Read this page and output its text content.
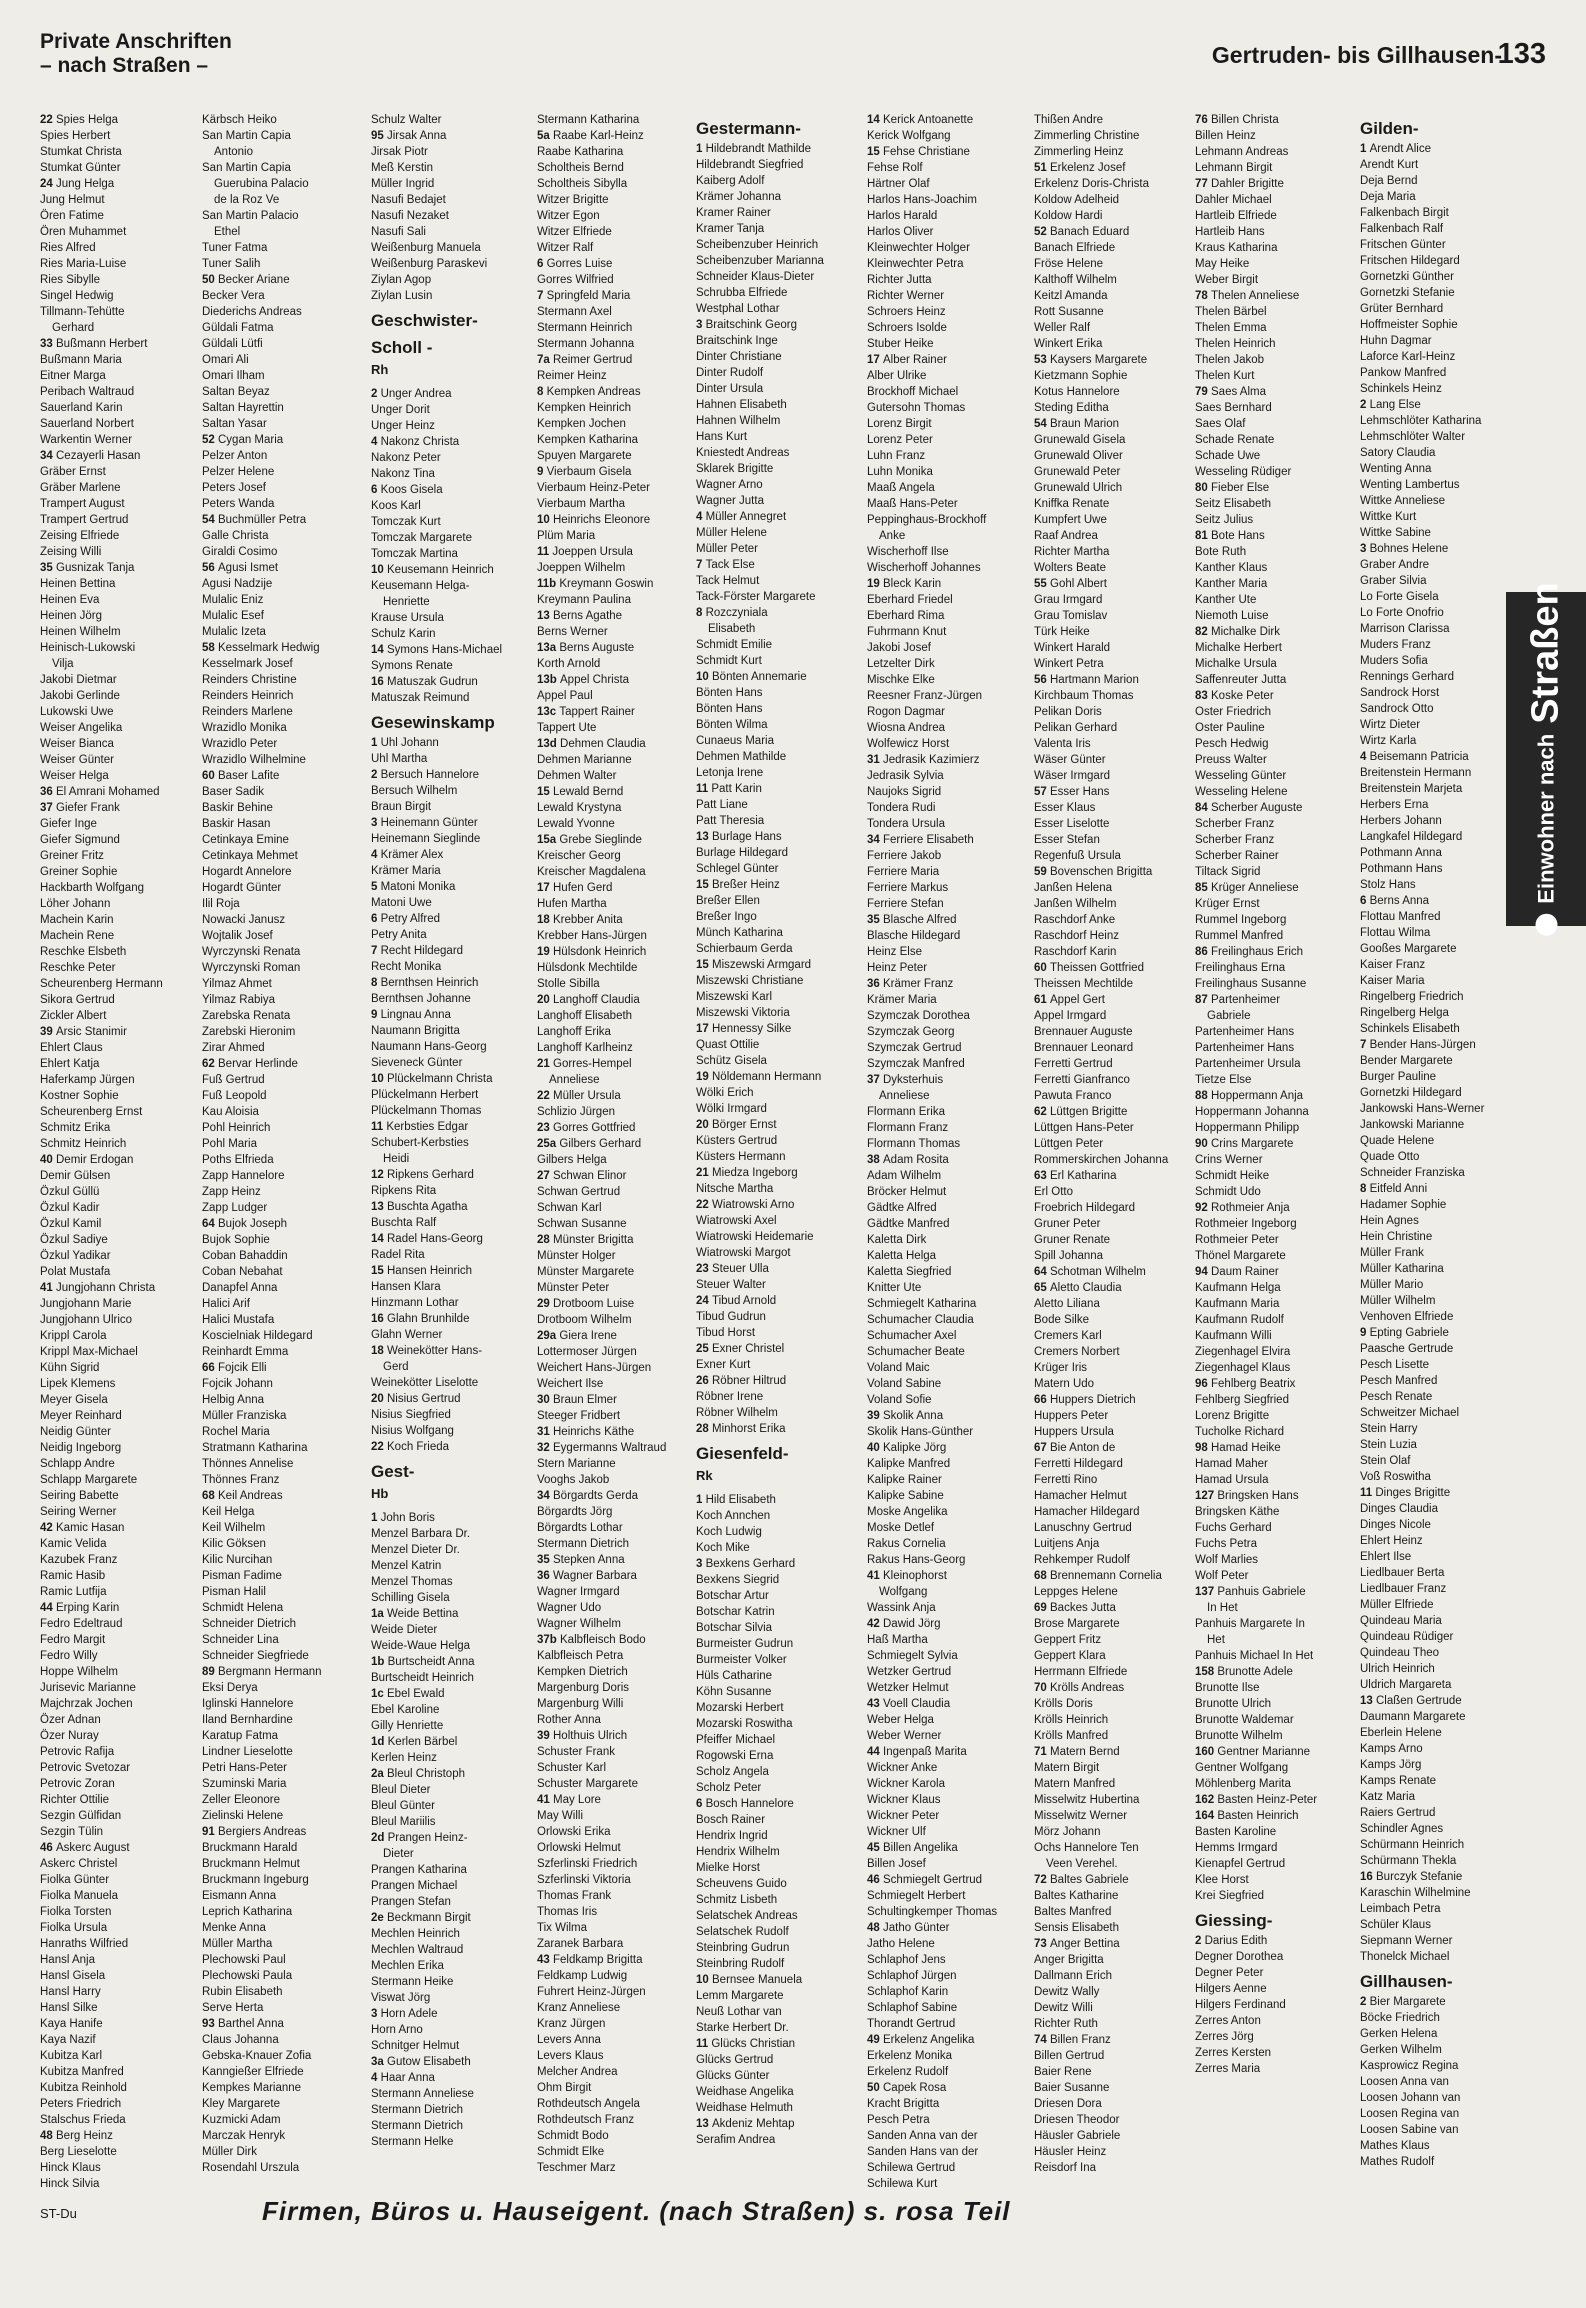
Private Anschriften
– nach Straßen –	Gertruden- bis Gillhausen-
133
22 Spies Helga
Spies Herbert
Stumkat Christa
Stumkat Günter
24 Jung Helga
Jung Helmut
Ören Fatime
Ören Muhammet
Ries Alfred
Ries Maria-Luise
Ries Sibylle
Singel Hedwig
Tillmann-Tehütte
Gerhard
33 Bußmann Herbert
Bußmann Maria
Eitner Marga
Peribach Waltraud
Sauerland Karin
Sauerland Norbert
Warkentin Werner
34 Cezayerli Hasan
Gräber Ernst
Gräber Marlene
Trampert August
Trampert Gertrud
Zeising Elfriede
Zeising Willi
35 Gusnizak Tanja
Heinen Bettina
Heinen Eva
Heinen Jörg
Heinen Wilhelm
Heinisch-Lukowski
Vilja
Jakobi Dietmar
Jakobi Gerlinde
Lukowski Uwe
Weiser Angelika
Weiser Bianca
Weiser Günter
Weiser Helga
36 El Amrani Mohamed
37 Giefer Frank
Giefer Inge
Giefer Sigmund
Greiner Fritz
Greiner Sophie
Hackbarth Wolfgang
Löher Johann
Machein Karin
Machein Rene
Reschke Elsbeth
Reschke Peter
Scheurenberg Hermann
Sikora Gertrud
Zickler Albert
39 Arsic Stanimir
Ehlert Claus
Ehlert Katja
Haferkamp Jürgen
Kostner Sophie
Scheurenberg Ernst
Schmitz Erika
Schmitz Heinrich
40 Demir Erdogan
Demir Gülsen
Özkul Güllü
Özkul Kadir
Özkul Kamil
Özkul Sadiye
Özkul Yadikar
Polat Mustafa
41 Jungjohann Christa
Jungjohann Marie
Jungjohann Ulrico
Krippl Carola
Krippl Max-Michael
Kühn Sigrid
Lipek Klemens
Meyer Gisela
Meyer Reinhard
Neidig Günter
Neidig Ingeborg
Schlapp Andre
Schlapp Margarete
Seiring Babette
Seiring Werner
42 Kamic Hasan
Kamic Velida
Kazubek Franz
Ramic Hasib
Ramic Lutfija
44 Erping Karin
Fedro Edeltraud
Fedro Margit
Fedro Willy
Hoppe Wilhelm
Jurisevic Marianne
Majchrzak Jochen
Özer Adnan
Özer Nuray
Petrovic Rafija
Petrovic Svetozar
Petrovic Zoran
Richter Ottilie
Sezgin Gülfidan
Sezgin Tülin
46 Askerc August
Askerc Christel
Fiolka Günter
Fiolka Manuela
Fiolka Torsten
Fiolka Ursula
Hanraths Wilfried
Hansl Anja
Hansl Gisela
Hansl Harry
Hansl Silke
Kaya Hanife
Kaya Nazif
Kubitza Karl
Kubitza Manfred
Kubitza Reinhold
Peters Friedrich
Stalschus Frieda
48 Berg Heinz
Berg Lieselotte
Hinck Klaus
Hinck Silvia
Kärbsch Heiko
San Martin Capia
Antonio
San Martin Capia
Guerubina Palacio
de la Roz Ve
San Martin Palacio
Ethel
Tuner Fatma
Tuner Salih
50 Becker Ariane
Becker Vera
Diederichs Andreas
Güldali Fatma
Güldali Lütfi
Omari Ali
Omari Ilham
Saltan Beyaz
Saltan Hayrettin
Saltan Yasar
52 Cygan Maria
Pelzer Anton
Pelzer Helene
Peters Josef
Peters Wanda
54 Buchmüller Petra
Galle Christa
Giraldi Cosimo
56 Agusi Ismet
Agusi Nadzije
Mulalic Eniz
Mulalic Esef
Mulalic Izeta
58 Kesselmark Hedwig
Kesselmark Josef
Reinders Christine
Reinders Heinrich
Reinders Marlene
Wrazidlo Monika
Wrazidlo Peter
Wrazidlo Wilhelmine
60 Baser Lafite
Baser Sadik
Baskir Behine
Baskir Hasan
Cetinkaya Emine
Cetinkaya Mehmet
Hogardt Annelore
Hogardt Günter
Ilil Roja
Nowacki Janusz
Wojtalik Josef
Wyrczynski Renata
Wyrczynski Roman
Yilmaz Ahmet
Yilmaz Rabiya
Zarebska Renata
Zarebski Hieronim
Zirar Ahmed
62 Bervar Herlinde
Fuß Gertrud
Fuß Leopold
Kau Aloisia
Pohl Heinrich
Pohl Maria
Poths Elfrieda
Zapp Hannelore
Zapp Heinz
Zapp Ludger
64 Bujok Joseph
Bujok Sophie
Coban Bahaddin
Coban Nebahat
Danapfel Anna
Halici Arif
Halici Mustafa
Koscielniak Hildegard
Reinhardt Emma
66 Fojcik Elli
Fojcik Johann
Helbig Anna
Müller Franziska
Rochel Maria
Stratmann Katharina
Thönnes Annelise
Thönnes Franz
68 Keil Andreas
Keil Helga
Keil Wilhelm
Kilic Göksen
Kilic Nurcihan
Pisman Fadime
Pisman Halil
Schmidt Helena
Schneider Dietrich
Schneider Lina
Schneider Siegfriede
89 Bergmann Hermann
Eksi Derya
Iglinski Hannelore
Iland Bernhardine
Karatup Fatma
Lindner Lieselotte
Petri Hans-Peter
Szuminski Maria
Zeller Eleonore
Zielinski Helene
91 Bergiers Andreas
Bruckmann Harald
Bruckmann Helmut
Bruckmann Ingeburg
Eismann Anna
Leprich Katharina
Menke Anna
Müller Martha
Plechowski Paul
Plechowski Paula
Rubin Elisabeth
Serve Herta
93 Barthel Anna
Claus Johanna
Gebska-Knauer Zofia
Kanngießer Elfriede
Kempkes Marianne
Kley Margarete
Kuzmicki Adam
Marczak Henryk
Müller Dirk
Rosendahl Urszula
Schulz Walter
95 Jirsak Anna
Jirsak Piotr
Meß Kerstin
Müller Ingrid
Nasufi Bedajet
Nasufi Nezaket
Nasufi Sali
Weißenburg Manuela
Weißenburg Paraskevi
Ziylan Agop
Ziylan Lusin
Geschwister-
Scholl -
Rh
2 Unger Andrea
Unger Dorit
Unger Heinz
4 Nakonz Christa
Nakonz Peter
Nakonz Tina
6 Koos Gisela
Koos Karl
Tomczak Kurt
Tomczak Margarete
Tomczak Martina
10 Keusemann Heinrich
Keusemann Helga-
Henriette
Krause Ursula
Schulz Karin
14 Symons Hans-Michael
Symons Renate
16 Matuszak Gudrun
Matuszak Reimund
Gesewinskamp
1 Uhl Johann
Uhl Martha
2 Bersuch Hannelore
Bersuch Wilhelm
Braun Birgit
3 Heinemann Günter
Heinemann Sieglinde
4 Krämer Alex
Krämer Maria
5 Matoni Monika
Matoni Uwe
6 Petry Alfred
Petry Anita
7 Recht Hildegard
Recht Monika
8 Bernthsen Heinrich
Bernthsen Johanne
9 Lingnau Anna
Naumann Brigitta
Naumann Hans-Georg
Sieveneck Günter
10 Plückelmann Christa
Plückelmann Herbert
Plückelmann Thomas
11 Kerbsties Edgar
Schubert-Kerbsties
Heidi
12 Ripkens Gerhard
Ripkens Rita
13 Buschta Agatha
Buschta Ralf
14 Radel Hans-Georg
Radel Rita
15 Hansen Heinrich
Hansen Klara
Hinzmann Lothar
16 Glahn Brunhilde
Glahn Werner
18 Weinekötter Hans-
Gerd
Weinekötter Liselotte
20 Nisius Gertrud
Nisius Siegfried
Nisius Wolfgang
22 Koch Frieda
Gest-
Hb
1 John Boris
Menzel Barbara Dr.
Menzel Dieter Dr.
Menzel Katrin
Menzel Thomas
Schilling Gisela
1a Weide Bettina
Weide Dieter
Weide-Waue Helga
1b Burtscheidt Anna
Burtscheidt Heinrich
1c Ebel Ewald
Ebel Karoline
Gilly Henriette
1d Kerlen Bärbel
Kerlen Heinz
2a Bleul Christoph
Bleul Dieter
Bleul Günter
Bleul Mariilis
2d Prangen Heinz-
Dieter
Prangen Katharina
Prangen Michael
Prangen Stefan
2e Beckmann Birgit
Mechlen Heinrich
Mechlen Waltraud
Mechlen Erika
Stermann Heike
Viswat Jörg
3 Horn Adele
Horn Arno
Schnitger Helmut
3a Gutow Elisabeth
4 Haar Anna
Stermann Anneliese
Stermann Dietrich
Stermann Dietrich
Stermann Helke
Stermann Katharina
5a Raabe Karl-Heinz
Raabe Katharina
Scholtheis Bernd
Scholtheis Sibylla
Witzer Brigitte
Witzer Egon
Witzer Elfriede
Witzer Ralf
6 Gorres Luise
Gorres Wilfried
7 Springfeld Maria
Stermann Axel
Stermann Heinrich
Stermann Johanna
7a Reimer Gertrud
Reimer Heinz
8 Kempken Andreas
Kempken Heinrich
Kempken Jochen
Kempken Katharina
Spuyen Margarete
9 Vierbaum Gisela
Vierbaum Heinz-Peter
Vierbaum Martha
10 Heinrichs Eleonore
Plüm Maria
11 Joeppen Ursula
Joeppen Wilhelm
11b Kreymann Goswin
Kreymann Paulina
13 Berns Agathe
Berns Werner
13a Berns Auguste
Korth Arnold
13b Appel Christa
Appel Paul
13c Tappert Rainer
Tappert Ute
13d Dehmen Claudia
Dehmen Marianne
Dehmen Walter
15 Lewald Bernd
Lewald Krystyna
Lewald Yvonne
15a Grebe Sieglinde
Kreischer Georg
Kreischer Magdalena
17 Hufen Gerd
Hufen Martha
18 Krebber Anita
Krebber Hans-Jürgen
19 Hülsdonk Heinrich
Hülsdonk Mechtilde
Stolle Sibilla
20 Langhoff Claudia
Langhoff Elisabeth
Langhoff Erika
Langhoff Karlheinz
21 Gorres-Hempel
Anneliese
22 Müller Ursula
Schlizio Jürgen
23 Gorres Gottfried
25a Gilbers Gerhard
Gilbers Helga
27 Schwan Elinor
Schwan Gertrud
Schwan Karl
Schwan Susanne
28 Münster Brigitta
Münster Holger
Münster Margarete
Münster Peter
29 Drotboom Luise
Drotboom Wilhelm
29a Giera Irene
Lottermoser Jürgen
Weichert Hans-Jürgen
Weichert Ilse
30 Braun Elmer
Steeger Fridbert
31 Heinrichs Käthe
32 Eygermanns Waltraud
Stern Marianne
Vooghs Jakob
34 Börgardts Gerda
Börgardts Jörg
Börgardts Lothar
Stermann Dietrich
35 Stepken Anna
36 Wagner Barbara
Wagner Irmgard
Wagner Udo
Wagner Wilhelm
37b Kalbfleisch Bodo
Kalbfleisch Petra
Kempken Dietrich
Margenburg Doris
Margenburg Willi
Rother Anna
39 Holthuis Ulrich
Schuster Frank
Schuster Karl
Schuster Margarete
41 May Lore
May Willi
Orlowski Erika
Orlowski Helmut
Szferlinski Friedrich
Szferlinski Viktoria
Thomas Frank
Thomas Iris
Tix Wilma
Zaranek Barbara
43 Feldkamp Brigitta
Feldkamp Ludwig
Fuhrert Heinz-Jürgen
Kranz Anneliese
Kranz Jürgen
Levers Anna
Levers Klaus
Melcher Andrea
Ohm Birgit
Rothdeutsch Angela
Rothdeutsch Franz
Schmidt Bodo
Schmidt Elke
Teschmer Marz
Gestermann-
1 Hildebrandt Mathilde
Hildebrandt Siegfried
Kaiberg Adolf
Krämer Johanna
Kramer Rainer
Kramer Tanja
Scheibenzuber Heinrich
Scheibenzuber Marianna
Schneider Klaus-Dieter
Schrubba Elfriede
Westphal Lothar
3 Braitschink Georg
Braitschink Inge
Dinter Christiane
Dinter Rudolf
Dinter Ursula
Hahnen Elisabeth
Hahnen Wilhelm
Hans Kurt
Kniestedt Andreas
Sklarek Brigitte
Wagner Arno
Wagner Jutta
4 Müller Annegret
Müller Helene
Müller Peter
7 Tack Else
Tack Helmut
Tack-Förster Margarete
8 Rozczyniala
Elisabeth
Schmidt Emilie
Schmidt Kurt
10 Bönten Annemarie
Bönten Hans
Bönten Hans
Bönten Wilma
Cunaeus Maria
Dehmen Mathilde
Letonja Irene
11 Patt Karin
Patt Liane
Patt Theresia
13 Burlage Hans
Burlage Hildegard
Schlegel Günter
15 Breßer Heinz
Breßer Ellen
Breßer Ingo
Münch Katharina
Schierbaum Gerda
15 Miszewski Armgard
Miszewski Christiane
Miszewski Karl
Miszewski Viktoria
17 Hennessy Silke
Quast Ottilie
Schütz Gisela
19 Nöldemann Hermann
Wölki Erich
Wölki Irmgard
20 Börger Ernst
Küsters Gertrud
Küsters Hermann
21 Miedza Ingeborg
Nitsche Martha
22 Wiatrowski Arno
Wiatrowski Axel
Wiatrowski Heidemarie
Wiatrowski Margot
23 Steuer Ulla
Steuer Walter
24 Tibud Arnold
Tibud Gudrun
Tibud Horst
25 Exner Christel
Exner Kurt
26 Röbner Hiltrud
Röbner Irene
Röbner Wilhelm
28 Minhorst Erika
Giesenfeld-
Rk
1 Hild Elisabeth
Koch Annchen
Koch Ludwig
Koch Mike
3 Bexkens Gerhard
Bexkens Siegrid
Botschar Artur
Botschar Katrin
Botschar Silvia
Burmeister Gudrun
Burmeister Volker
Hüls Catharine
Köhn Susanne
Mozarski Herbert
Mozarski Roswitha
Pfeiffer Michael
Rogowski Erna
Scholz Angela
Scholz Peter
6 Bosch Hannelore
Bosch Rainer
Hendrix Ingrid
Hendrix Wilhelm
Mielke Horst
Scheuvens Guido
Schmitz Lisbeth
Selatschek Andreas
Selatschek Rudolf
Steinbring Gudrun
Steinbring Rudolf
10 Bernsee Manuela
Lemm Margarete
Neuß Lothar van
Starke Herbert Dr.
11 Glücks Christian
Glücks Gertrud
Glücks Günter
Weidhase Angelika
Weidhase Helmuth
13 Akdeniz Mehtap
Serafim Andrea
14 Kerick Antoanette
Kerick Wolfgang
15 Fehse Christiane
Fehse Rolf
Härtner Olaf
Harlos Hans-Joachim
Harlos Harald
Harlos Oliver
Kleinwechter Holger
Kleinwechter Petra
Richter Jutta
Richter Werner
Schroers Heinz
Schroers Isolde
Stuber Heike
17 Alber Rainer
Alber Ulrike
Brockhoff Michael
Gutersohn Thomas
Lorenz Birgit
Lorenz Peter
Luhn Franz
Luhn Monika
Maaß Angela
Maaß Hans-Peter
Peppinghaus-Brockhoff
Anke
Wischerhoff Ilse
Wischerhoff Johannes
19 Bleck Karin
Eberhard Friedel
Eberhard Rima
Fuhrmann Knut
Jakobi Josef
Letzelter Dirk
Mischke Elke
Reesner Franz-Jürgen
Rogon Dagmar
Wiosna Andrea
Wolfewicz Horst
31 Jedrasik Kazimierz
Jedrasik Sylvia
Naujoks Sigrid
Tondera Rudi
Tondera Ursula
34 Ferriere Elisabeth
Ferriere Jakob
Ferriere Maria
Ferriere Markus
Ferriere Stefan
35 Blasche Alfred
Blasche Hildegard
Heinz Else
Heinz Peter
36 Krämer Franz
Krämer Maria
Szymczak Dorothea
Szymczak Georg
Szymczak Gertrud
Szymczak Manfred
37 Dyksterhuis
Anneliese
Flormann Erika
Flormann Franz
Flormann Thomas
38 Adam Rosita
Adam Wilhelm
Bröcker Helmut
Gädtke Alfred
Gädtke Manfred
Kaletta Dirk
Kaletta Helga
Kaletta Siegfried
Knitter Ute
Schmiegelt Katharina
Schumacher Claudia
Schumacher Axel
Schumacher Beate
Voland Maic
Voland Sabine
Voland Sofie
39 Skolik Anna
Skolik Hans-Günther
40 Kalipke Jörg
Kalipke Manfred
Kalipke Rainer
Kalipke Sabine
Moske Angelika
Moske Detlef
Rakus Cornelia
Rakus Hans-Georg
41 Kleinophorst
Wolfgang
Wassink Anja
42 Dawid Jörg
Haß Martha
Schmiegelt Sylvia
Wetzker Gertrud
Wetzker Helmut
43 Voell Claudia
Weber Helga
Weber Werner
44 Ingenpaß Marita
Wickner Anke
Wickner Karola
Wickner Klaus
Wickner Peter
Wickner Ulf
45 Billen Angelika
Billen Josef
46 Schmiegelt Gertrud
Schmiegelt Herbert
Schultingkemper Thomas
48 Jatho Günter
Jatho Helene
Schlaphof Jens
Schlaphof Jürgen
Schlaphof Karin
Schlaphof Sabine
Thorandt Gertrud
49 Erkelenz Angelika
Erkelenz Monika
Erkelenz Rudolf
50 Capek Rosa
Kracht Brigitta
Pesch Petra
Sanden Anna van der
Sanden Hans van der
Schilewa Gertrud
Schilewa Kurt
Thißen Andre
Zimmerling Christine
Zimmerling Heinz
51 Erkelenz Josef
Erkelenz Doris-Christa
Koldow Adelheid
Koldow Hardi
52 Banach Eduard
Banach Elfriede
Fröse Helene
Kalthoff Wilhelm
Keitzl Amanda
Rott Susanne
Weller Ralf
Winkert Erika
53 Kaysers Margarete
Kietzmann Sophie
Kotus Hannelore
Steding Editha
54 Braun Marion
Grunewald Gisela
Grunewald Oliver
Grunewald Peter
Grunewald Ulrich
Kniffka Renate
Kumpfert Uwe
Raaf Andrea
Richter Martha
Wolters Beate
55 Gohl Albert
Grau Irmgard
Grau Tomislav
Türk Heike
Winkert Harald
Winkert Petra
56 Hartmann Marion
Kirchbaum Thomas
Pelikan Doris
Pelikan Gerhard
Valenta Iris
Wäser Günter
Wäser Irmgard
57 Esser Hans
Esser Klaus
Esser Liselotte
Esser Stefan
Regenfuß Ursula
59 Bovenschen Brigitta
Janßen Helena
Janßen Wilhelm
Raschdorf Anke
Raschdorf Heinz
Raschdorf Karin
60 Theissen Gottfried
Theissen Mechtilde
61 Appel Gert
Appel Irmgard
Brennauer Auguste
Brennauer Leonard
Ferretti Gertrud
Ferretti Gianfranco
Pawuta Franco
62 Lüttgen Brigitte
Lüttgen Hans-Peter
Lüttgen Peter
Rommerskirchen Johanna
63 Erl Katharina
Erl Otto
Froebrich Hildegard
Gruner Peter
Gruner Renate
Spill Johanna
64 Schotman Wilhelm
65 Aletto Claudia
Aletto Liliana
Bode Silke
Cremers Karl
Cremers Norbert
Krüger Iris
Matern Udo
66 Huppers Dietrich
Huppers Peter
Huppers Ursula
67 Bie Anton de
Ferretti Hildegard
Ferretti Rino
Hamacher Helmut
Hamacher Hildegard
Lanuschny Gertrud
Luitjens Anja
Rehkemper Rudolf
68 Brennemann Cornelia
Leppges Helene
69 Backes Jutta
Brose Margarete
Geppert Fritz
Geppert Klara
Herrmann Elfriede
70 Krölls Andreas
Krölls Doris
Krölls Heinrich
Krölls Manfred
71 Matern Bernd
Matern Birgit
Matern Manfred
Misselwitz Hubertina
Misselwitz Werner
Mörz Johann
Ochs Hannelore Ten
Veen Verehel.
72 Baltes Gabriele
Baltes Katharine
Baltes Manfred
Sensis Elisabeth
73 Anger Bettina
Anger Brigitta
Dallmann Erich
Dewitz Wally
Dewitz Willi
Richter Ruth
74 Billen Franz
Billen Gertrud
Baier Rene
Baier Susanne
Driesen Dora
Driesen Theodor
Häusler Gabriele
Häusler Heinz
Reisdorf Ina
76 Billen Christa
Billen Heinz
Lehmann Andreas
Lehmann Birgit
77 Dahler Brigitte
Dahler Michael
Hartleib Elfriede
Hartleib Hans
Kraus Katharina
May Heike
Weber Birgit
78 Thelen Anneliese
Thelen Bärbel
Thelen Emma
Thelen Heinrich
Thelen Jakob
Thelen Kurt
79 Saes Alma
Saes Bernhard
Saes Olaf
Schade Renate
Schade Uwe
Wesseling Rüdiger
80 Fieber Else
Seitz Elisabeth
Seitz Julius
81 Bote Hans
Bote Ruth
Kanther Klaus
Kanther Maria
Kanther Ute
Niemoth Luise
82 Michalke Dirk
Michalke Herbert
Michalke Ursula
Saffenreuter Jutta
83 Koske Peter
Oster Friedrich
Oster Pauline
Pesch Hedwig
Preuss Walter
Wesseling Günter
Wesseling Helene
84 Scherber Auguste
Scherber Franz
Scherber Franz
Scherber Rainer
Tiltack Sigrid
85 Krüger Anneliese
Krüger Ernst
Rummel Ingeborg
Rummel Manfred
86 Freilinghaus Erich
Freilinghaus Erna
Freilinghaus Susanne
87 Partenheimer
Gabriele
Partenheimer Hans
Partenheimer Hans
Partenheimer Ursula
Tietze Else
88 Hoppermann Anja
Hoppermann Johanna
Hoppermann Philipp
90 Crins Margarete
Crins Werner
Schmidt Heike
Schmidt Udo
92 Rothmeier Anja
Rothmeier Ingeborg
Rothmeier Peter
Thönel Margarete
94 Daum Rainer
Kaufmann Helga
Kaufmann Maria
Kaufmann Rudolf
Kaufmann Willi
Ziegenhagel Elvira
Ziegenhagel Klaus
96 Fehlberg Beatrix
Fehlberg Siegfried
Lorenz Brigitte
Tucholke Richard
98 Hamad Heike
Hamad Maher
Hamad Ursula
127 Bringsken Hans
Bringsken Käthe
Fuchs Gerhard
Fuchs Petra
Wolf Marlies
Wolf Peter
137 Panhuis Gabriele
In Het
Panhuis Margarete In
Het
Panhuis Michael In Het
158 Brunotte Adele
Brunotte Ilse
Brunotte Ulrich
Brunotte Waldemar
Brunotte Wilhelm
160 Gentner Marianne
Gentner Wolfgang
Möhlenberg Marita
162 Basten Heinz-Peter
164 Basten Heinrich
Basten Karoline
Hemms Irmgard
Kienapfel Gertrud
Klee Horst
Krei Siegfried
Giessing-
2 Darius Edith
Degner Dorothea
Degner Peter
Hilgers Aenne
Hilgers Ferdinand
Zerres Anton
Zerres Jörg
Zerres Kersten
Zerres Maria
Gilden-
1 Arendt Alice
Arendt Kurt
Deja Bernd
Deja Maria
Falkenbach Birgit
Falkenbach Ralf
Fritschen Günter
Fritschen Hildegard
Gornetzki Günther
Gornetzki Stefanie
Grüter Bernhard
Hoffmeister Sophie
Huhn Dagmar
Laforce Karl-Heinz
Pankow Manfred
Schinkels Heinz
2 Lang Else
Lehmschlöter Katharina
Lehmschlöter Walter
Satory Claudia
Wenting Anna
Wenting Lambertus
Wittke Anneliese
Wittke Kurt
Wittke Sabine
3 Bohnes Helene
Graber Andre
Graber Silvia
Lo Forte Gisela
Lo Forte Onofrio
Marrison Clarissa
Muders Franz
Muders Sofia
Rennings Gerhard
Sandrock Horst
Sandrock Otto
Wirtz Dieter
Wirtz Karla
4 Beisemann Patricia
Breitenstein Hermann
Breitenstein Marjeta
Herbers Erna
Herbers Johann
Langkafel Hildegard
Pothmann Anna
Pothmann Hans
Stolz Hans
6 Berns Anna
Flottau Manfred
Flottau Wilma
Gooßes Margarete
Kaiser Franz
Kaiser Maria
Ringelberg Friedrich
Ringelberg Helga
Schinkels Elisabeth
7 Bender Hans-Jürgen
Bender Margarete
Burger Pauline
Gornetzki Hildegard
Jankowski Hans-Werner
Jankowski Marianne
Quade Helene
Quade Otto
Schneider Franziska
8 Eitfeld Anni
Hadamer Sophie
Hein Agnes
Hein Christine
Müller Frank
Müller Katharina
Müller Mario
Müller Wilhelm
Venhoven Elfriede
9 Epting Gabriele
Paasche Gertrude
Pesch Lisette
Pesch Manfred
Pesch Renate
Schweitzer Michael
Stein Harry
Stein Luzia
Stein Olaf
Voß Roswitha
11 Dinges Brigitte
Dinges Claudia
Dinges Nicole
Ehlert Heinz
Ehlert Ilse
Liedlbauer Berta
Liedlbauer Franz
Müller Elfriede
Quindeau Maria
Quindeau Rüdiger
Quindeau Theo
Ulrich Heinrich
Uldrich Margareta
13 Claßen Gertrude
Daumann Margarete
Eberlein Helene
Kamps Arno
Kamps Jörg
Kamps Renate
Katz Maria
Raiers Gertrud
Schindler Agnes
Schürmann Heinrich
Schürmann Thekla
16 Burczyk Stefanie
Karaschin Wilhelmine
Leimbach Petra
Schüler Klaus
Siepmann Werner
Thonelck Michael
Gillhausen-
2 Bier Margarete
Böcke Friedrich
Gerken Helena
Gerken Wilhelm
Kasprowicz Regina
Loosen Anna van
Loosen Johann van
Loosen Regina van
Loosen Sabine van
Mathes Klaus
Mathes Rudolf
Einwohner nach
Straßen
ST-Du	Firmen, Büros u. Hauseigent. (nach Straßen) s. rosa Teil
